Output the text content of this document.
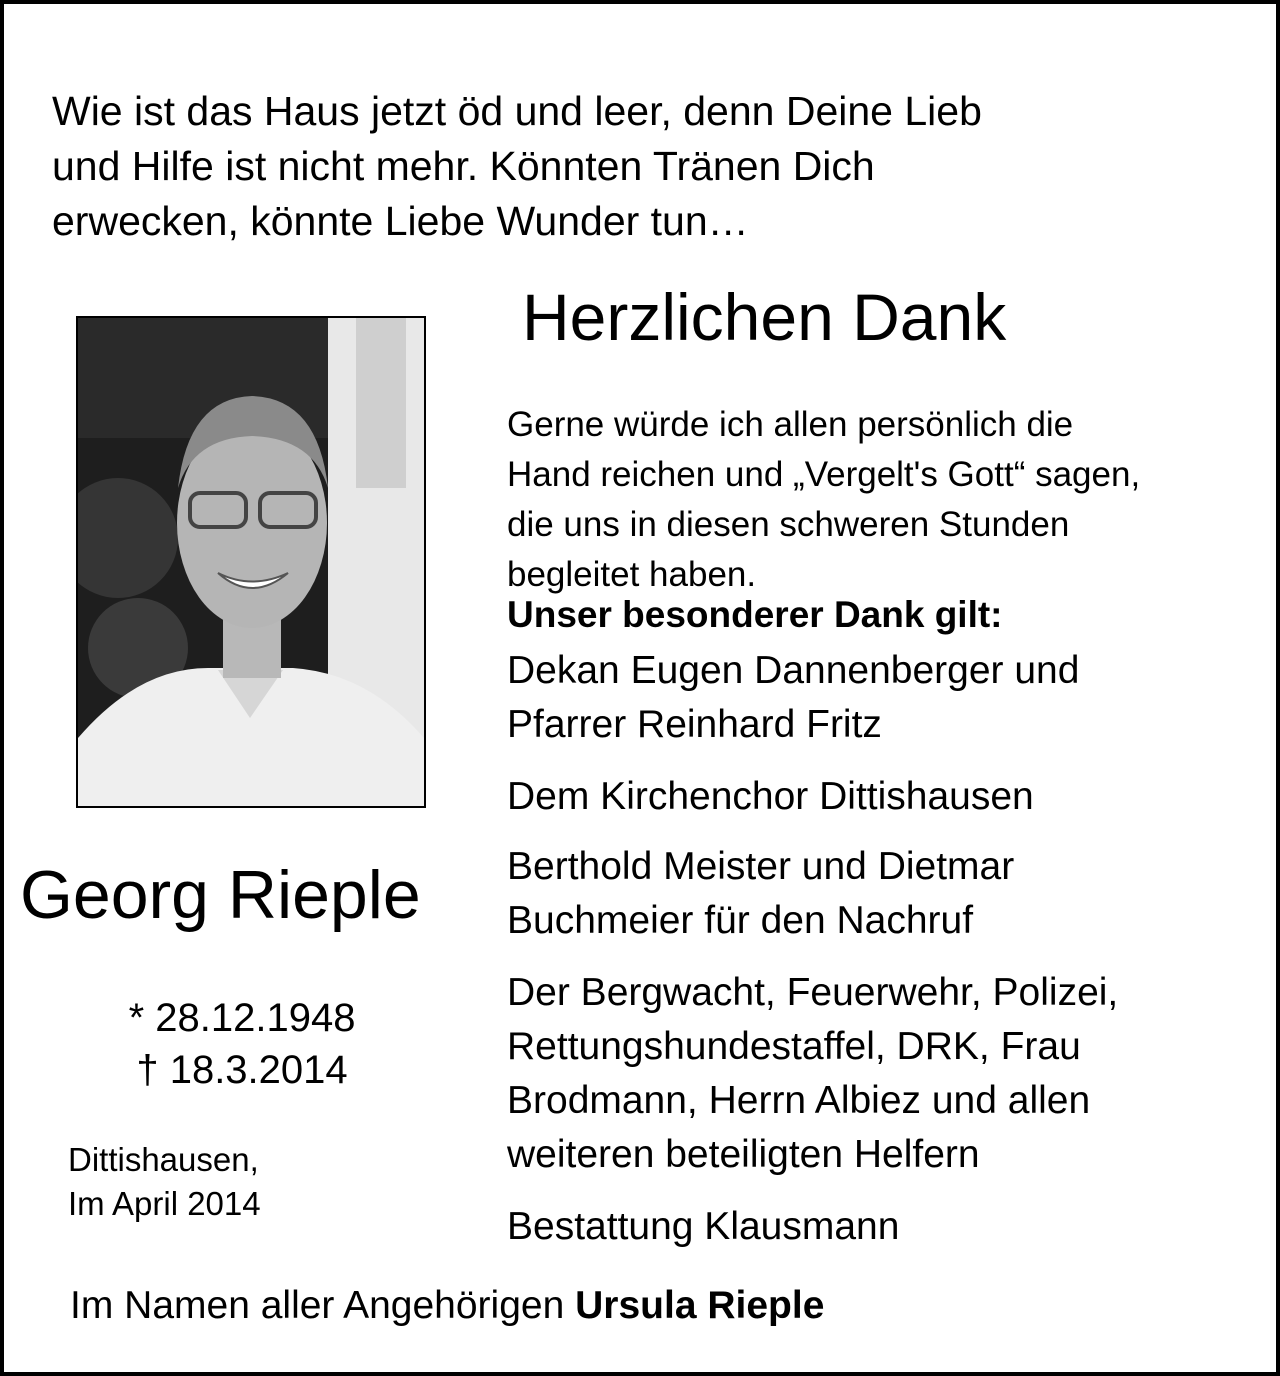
Wie ist das Haus jetzt öd und leer, denn Deine Lieb
und Hilfe ist nicht mehr. Könnten Tränen Dich
erwecken, könnte Liebe Wunder tun…
Georg Rieple
* 28.12.1948
† 18.3.2014
Dittishausen,
Im April 2014
Herzlichen Dank
Gerne würde ich allen persönlich die
Hand reichen und „Vergelt's Gott“ sagen,
die uns in diesen schweren Stunden
begleitet haben.
Unser besonderer Dank gilt:
Dekan Eugen Dannenberger und
Pfarrer Reinhard Fritz
Dem Kirchenchor Dittishausen
Berthold Meister und Dietmar
Buchmeier für den Nachruf
Der Bergwacht, Feuerwehr, Polizei,
Rettungshundestaffel, DRK, Frau
Brodmann, Herrn Albiez und allen
weiteren beteiligten Helfern
Bestattung Klausmann
Im Namen aller Angehörigen Ursula Rieple
